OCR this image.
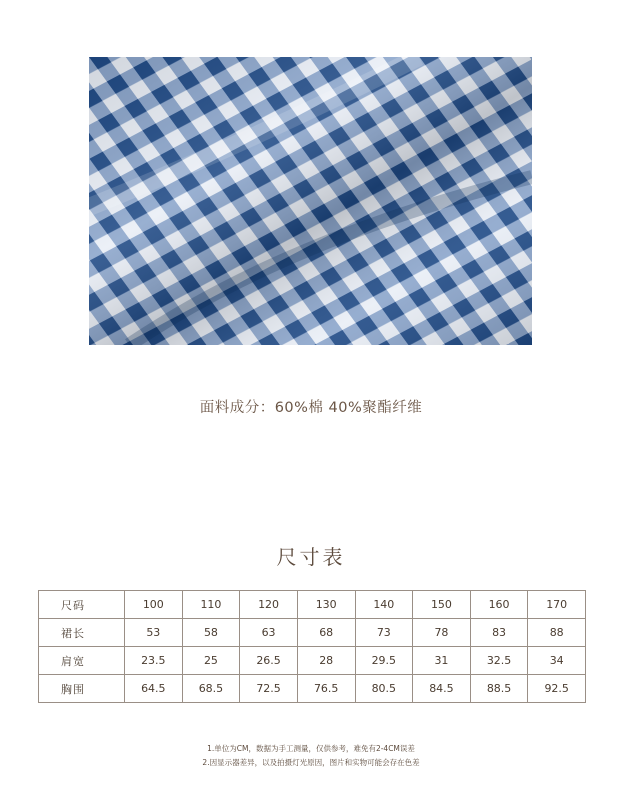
面料成分：60%棉 40%聚酯纤维
尺寸表
尺码	100	110	120	130	140	150	160	170
裙长	53	58	63	68	73	78	83	88
肩宽	23.5	25	26.5	28	29.5	31	32.5	34
胸围	64.5	68.5	72.5	76.5	80.5	84.5	88.5	92.5
1.单位为CM，数据为手工测量，仅供参考，难免有2-4CM误差
2.因显示器差异，以及拍摄灯光原因，图片和实物可能会存在色差
